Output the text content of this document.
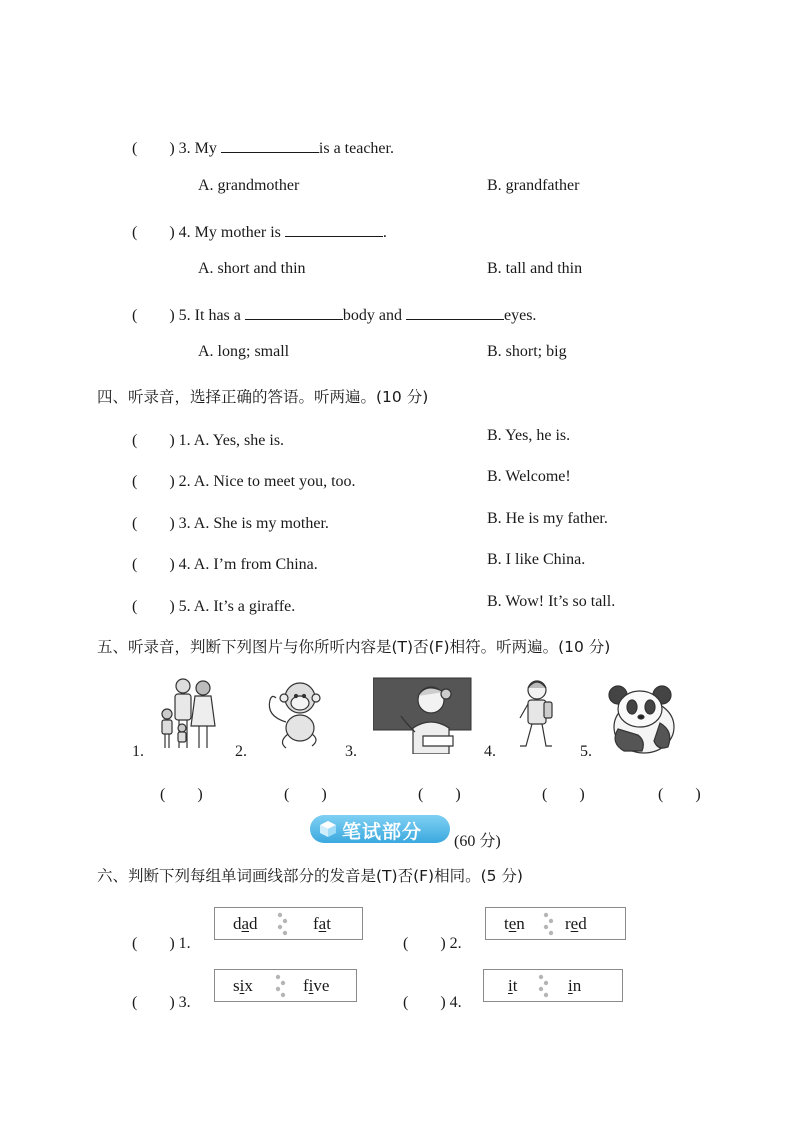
(　　) 3. My	is a teacher.
A. grandmother	B. grandfather
(　　) 4. My mother is	.
A. short and thin	B. tall and thin
(　　) 5. It has a	body and	eyes.
A. long; small	B. short; big
四、听录音，选择正确的答语。听两遍。(10 分)
(　　) 1. A. Yes, she is.	B. Yes, he is.
(　　) 2. A. Nice to meet you, too.	B. Welcome!
(　　) 3. A. She is my mother.	B. He is my father.
(　　) 4. A. I’m from China.	B. I like China.
(　　) 5. A. It’s a giraffe.	B. Wow! It’s so tall.
五、听录音，判断下列图片与你所听内容是(T)否(F)相符。听两遍。(10 分)
1.
(　　)
2.
(　　)
3.
(　　)
4.
(　　)
5.
(　　)
笔试部分 (60 分)
六、判断下列每组单词画线部分的发音是(T)否(F)相同。(5 分)
(　　) 1.
dad	fat
(　　) 2.
ten red
(　　) 3.
six	five
(　　) 4.
it	in
